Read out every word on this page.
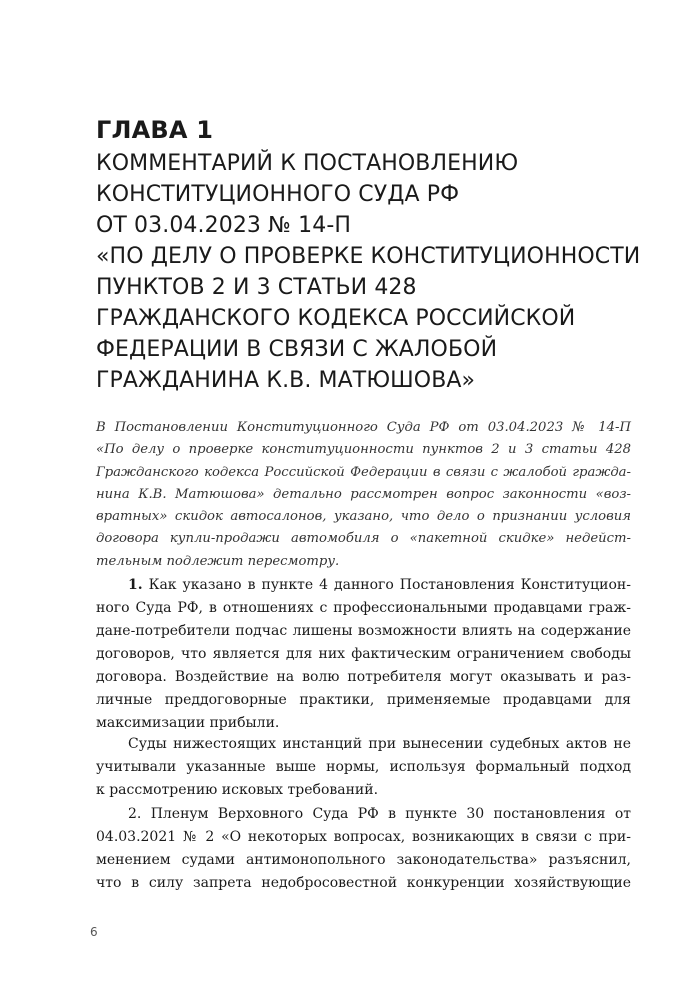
ГЛАВА 1
КОММЕНТАРИЙ К ПОСТАНОВЛЕНИЮ
КОНСТИТУЦИОННОГО СУДА РФ
ОТ 03.04.2023 № 14-П
«ПО ДЕЛУ О ПРОВЕРКЕ КОНСТИТУЦИОННОСТИ
ПУНКТОВ 2 И 3 СТАТЬИ 428
ГРАЖДАНСКОГО КОДЕКСА РОССИЙСКОЙ
ФЕДЕРАЦИИ В СВЯЗИ С ЖАЛОБОЙ
ГРАЖДАНИНА К.В. МАТЮШОВА»
В Постановлении Конституционного Суда РФ от 03.04.2023 № 14-П
«По делу о проверке конституционности пунктов 2 и 3 статьи 428
Гражданского кодекса Российской Федерации в связи с жалобой гражда-
нина К.В. Матюшова» детально рассмотрен вопрос законности «воз-
вратных» скидок автосалонов, указано, что дело о признании условия
договора купли-продажи автомобиля о «пакетной скидке» недейст-
тельным подлежит пересмотру.
1. Как указано в пункте 4 данного Постановления Конституцион-
ного Суда РФ, в отношениях с профессиональными продавцами граж-
дане-потребители подчас лишены возможности влиять на содержание
договоров, что является для них фактическим ограничением свободы
договора. Воздействие на волю потребителя могут оказывать и раз-
личные преддоговорные практики, применяемые продавцами для
максимизации прибыли.
Суды нижестоящих инстанций при вынесении судебных актов не
учитывали указанные выше нормы, используя формальный подход
к рассмотрению исковых требований.
2. Пленум Верховного Суда РФ в пункте 30 постановления от
04.03.2021 № 2 «О некоторых вопросах, возникающих в связи с при-
менением судами антимонопольного законодательства» разъяснил,
что в силу запрета недобросовестной конкуренции хозяйствующие
6
